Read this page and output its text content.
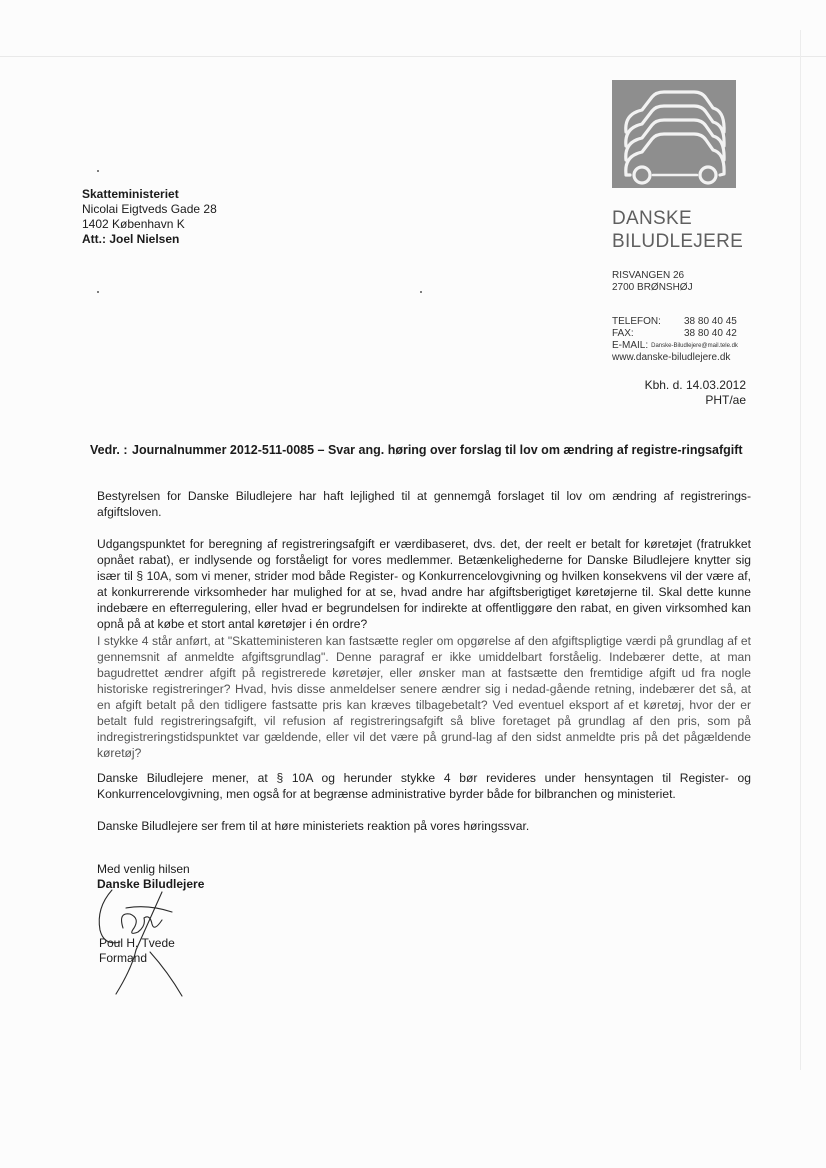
DANSKE
BILUDLEJERE
RISVANGEN 26
2700 BRØNSHØJ
TELEFON:	38 80 40 45
FAX:	38 80 40 42
E-MAIL: Danske-Biludlejere@mail.tele.dk
www.danske-biludlejere.dk
Kbh. d. 14.03.2012
PHT/ae
Skatteministeriet
Nicolai Eigtveds Gade 28
1402 København K
Att.: Joel Nielsen
Vedr. : Journalnummer 2012-511-0085 – Svar ang. høring over forslag til lov om ændring af registre-ringsafgift
Bestyrelsen for Danske Biludlejere har haft lejlighed til at gennemgå forslaget til lov om ændring af registrerings-afgiftsloven.
Udgangspunktet for beregning af registreringsafgift er værdibaseret, dvs. det, der reelt er betalt for køretøjet (fratrukket opnået rabat), er indlysende og forståeligt for vores medlemmer. Betænkelighederne for Danske Biludlejere knytter sig især til § 10A, som vi mener, strider mod både Register- og Konkurrencelovgivning og hvilken konsekvens vil der være af, at konkurrerende virksomheder har mulighed for at se, hvad andre har afgiftsberigtiget køretøjerne til. Skal dette kunne indebære en efterregulering, eller hvad er begrundelsen for indirekte at offentliggøre den rabat, en given virksomhed kan opnå på at købe et stort antal køretøjer i én ordre?
I stykke 4 står anført, at "Skatteministeren kan fastsætte regler om opgørelse af den afgiftspligtige værdi på grundlag af et gennemsnit af anmeldte afgiftsgrundlag". Denne paragraf er ikke umiddelbart forståelig. Indebærer dette, at man bagudrettet ændrer afgift på registrerede køretøjer, eller ønsker man at fastsætte den fremtidige afgift ud fra nogle historiske registreringer? Hvad, hvis disse anmeldelser senere ændrer sig i nedad-gående retning, indebærer det så, at en afgift betalt på den tidligere fastsatte pris kan kræves tilbagebetalt? Ved eventuel eksport af et køretøj, hvor der er betalt fuld registreringsafgift, vil refusion af registreringsafgift så blive foretaget på grundlag af den pris, som på indregistreringstidspunktet var gældende, eller vil det være på grund-lag af den sidst anmeldte pris på det pågældende køretøj?
Danske Biludlejere mener, at § 10A og herunder stykke 4 bør revideres under hensyntagen til Register- og Konkurrencelovgivning, men også for at begrænse administrative byrder både for bilbranchen og ministeriet.
Danske Biludlejere ser frem til at høre ministeriets reaktion på vores høringssvar.
Med venlig hilsen
Danske Biludlejere
Poul H. Tvede
Formand
